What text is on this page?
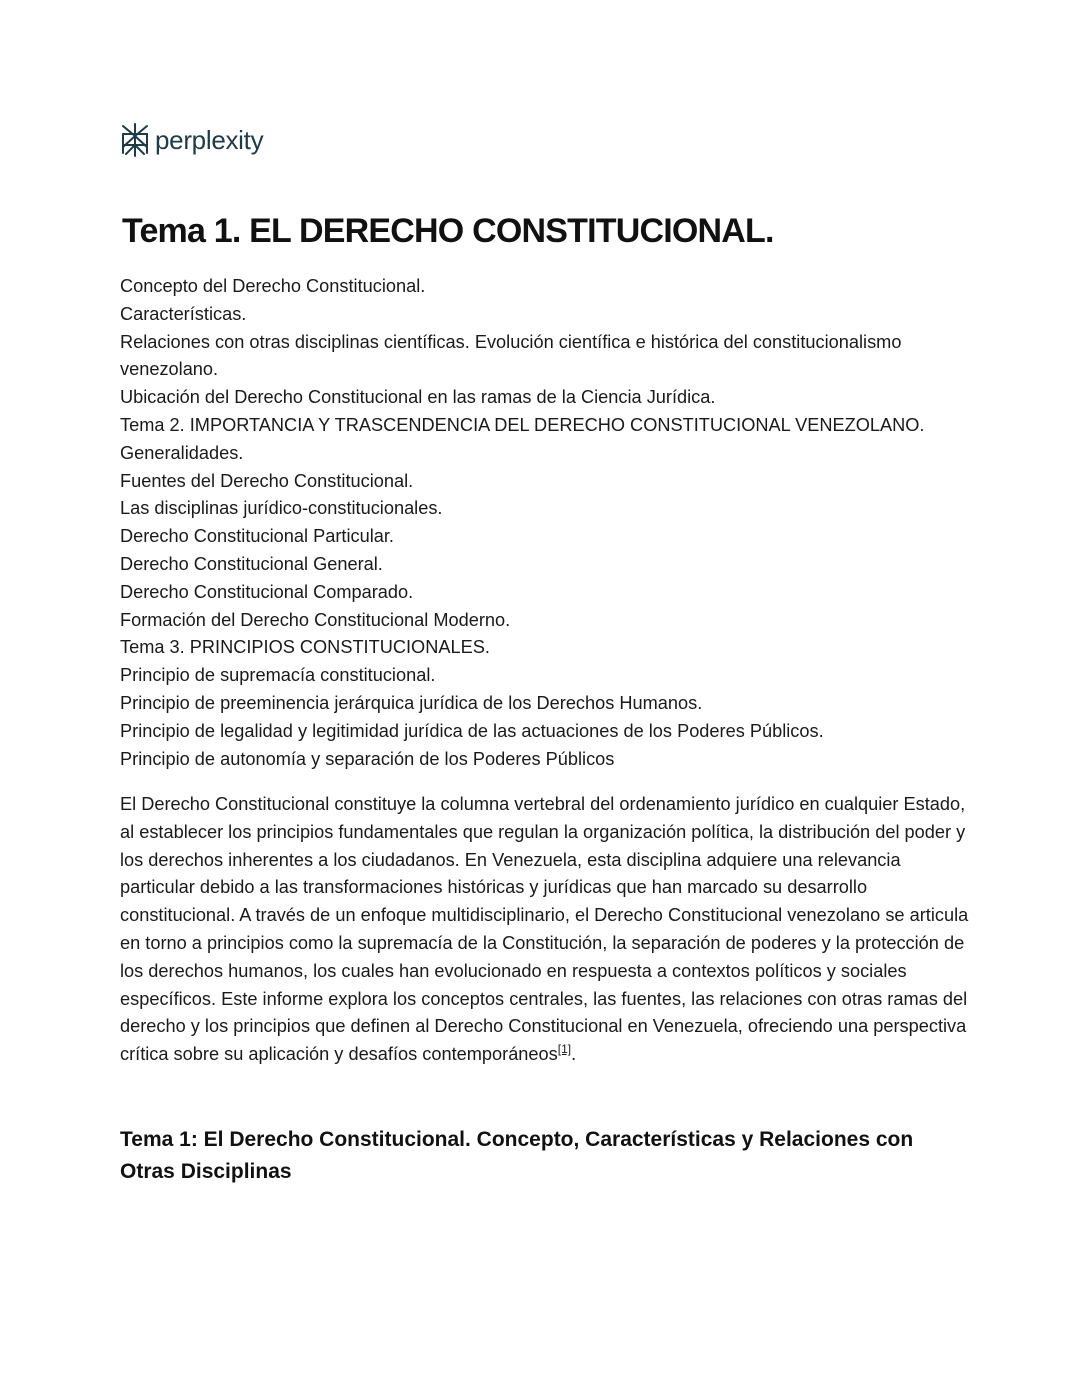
perplexity
Tema 1. EL DERECHO CONSTITUCIONAL.
Concepto del Derecho Constitucional.
Características.
Relaciones con otras disciplinas científicas. Evolución científica e histórica del constitucionalismo venezolano.
Ubicación del Derecho Constitucional en las ramas de la Ciencia Jurídica.
Tema 2. IMPORTANCIA Y TRASCENDENCIA DEL DERECHO CONSTITUCIONAL VENEZOLANO.
Generalidades.
Fuentes del Derecho Constitucional.
Las disciplinas jurídico-constitucionales.
Derecho Constitucional Particular.
Derecho Constitucional General.
Derecho Constitucional Comparado.
Formación del Derecho Constitucional Moderno.
Tema 3. PRINCIPIOS CONSTITUCIONALES.
Principio de supremacía constitucional.
Principio de preeminencia jerárquica jurídica de los Derechos Humanos.
Principio de legalidad y legitimidad jurídica de las actuaciones de los Poderes Públicos.
Principio de autonomía y separación de los Poderes Públicos

El Derecho Constitucional constituye la columna vertebral del ordenamiento jurídico en cualquier Estado, al establecer los principios fundamentales que regulan la organización política, la distribución del poder y los derechos inherentes a los ciudadanos. En Venezuela, esta disciplina adquiere una relevancia particular debido a las transformaciones históricas y jurídicas que han marcado su desarrollo constitucional. A través de un enfoque multidisciplinario, el Derecho Constitucional venezolano se articula en torno a principios como la supremacía de la Constitución, la separación de poderes y la protección de los derechos humanos, los cuales han evolucionado en respuesta a contextos políticos y sociales específicos. Este informe explora los conceptos centrales, las fuentes, las relaciones con otras ramas del derecho y los principios que definen al Derecho Constitucional en Venezuela, ofreciendo una perspectiva crítica sobre su aplicación y desafíos contemporáneos[1].

Tema 1: El Derecho Constitucional. Concepto, Características y Relaciones con Otras Disciplinas
